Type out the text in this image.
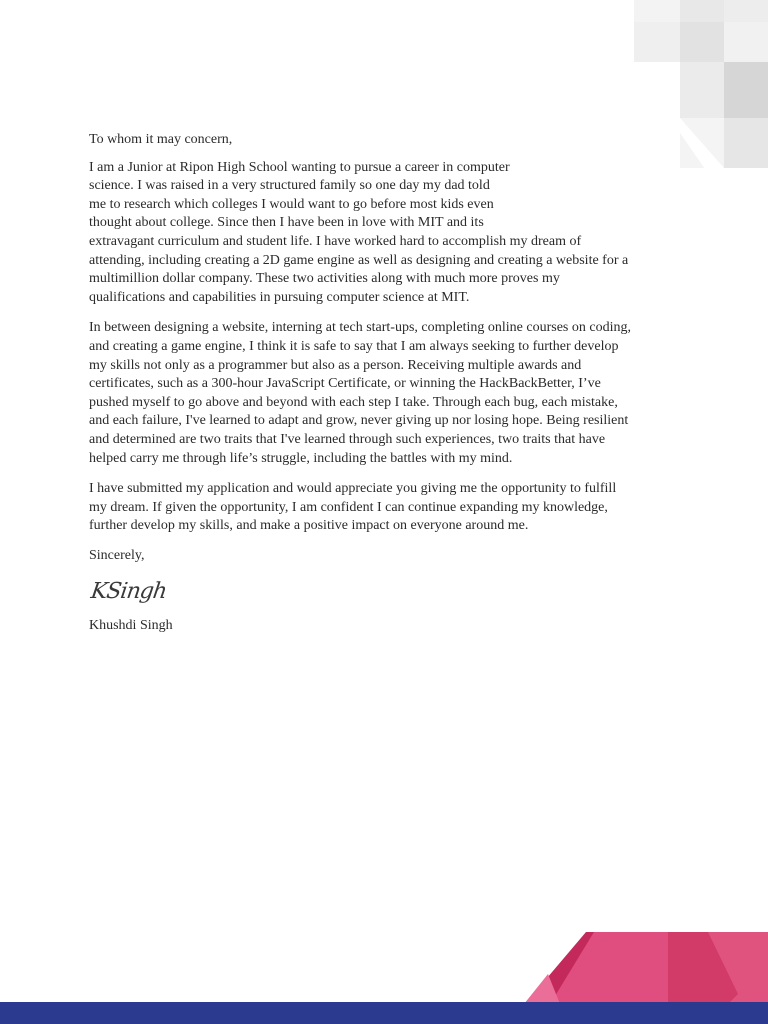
To whom it may concern,

I am a Junior at Ripon High School wanting to pursue a career in computer
science. I was raised in a very structured family so one day my dad told
me to research which colleges I would want to go before most kids even
thought about college. Since then I have been in love with MIT and its
extravagant curriculum and student life. I have worked hard to accomplish my dream of
attending, including creating a 2D game engine as well as designing and creating a website for a
multimillion dollar company. These two activities along with much more proves my
qualifications and capabilities in pursuing computer science at MIT.

In between designing a website, interning at tech start-ups, completing online courses on coding,
and creating a game engine, I think it is safe to say that I am always seeking to further develop
my skills not only as a programmer but also as a person. Receiving multiple awards and
certificates, such as a 300-hour JavaScript Certificate, or winning the HackBackBetter, I’ve
pushed myself to go above and beyond with each step I take. Through each bug, each mistake,
and each failure, I've learned to adapt and grow, never giving up nor losing hope. Being resilient
and determined are two traits that I've learned through such experiences, two traits that have
helped carry me through life’s struggle, including the battles with my mind.

I have submitted my application and would appreciate you giving me the opportunity to fulfill
my dream. If given the opportunity, I am confident I can continue expanding my knowledge,
further develop my skills, and make a positive impact on everyone around me.

Sincerely,

KSingh

Khushdi Singh
